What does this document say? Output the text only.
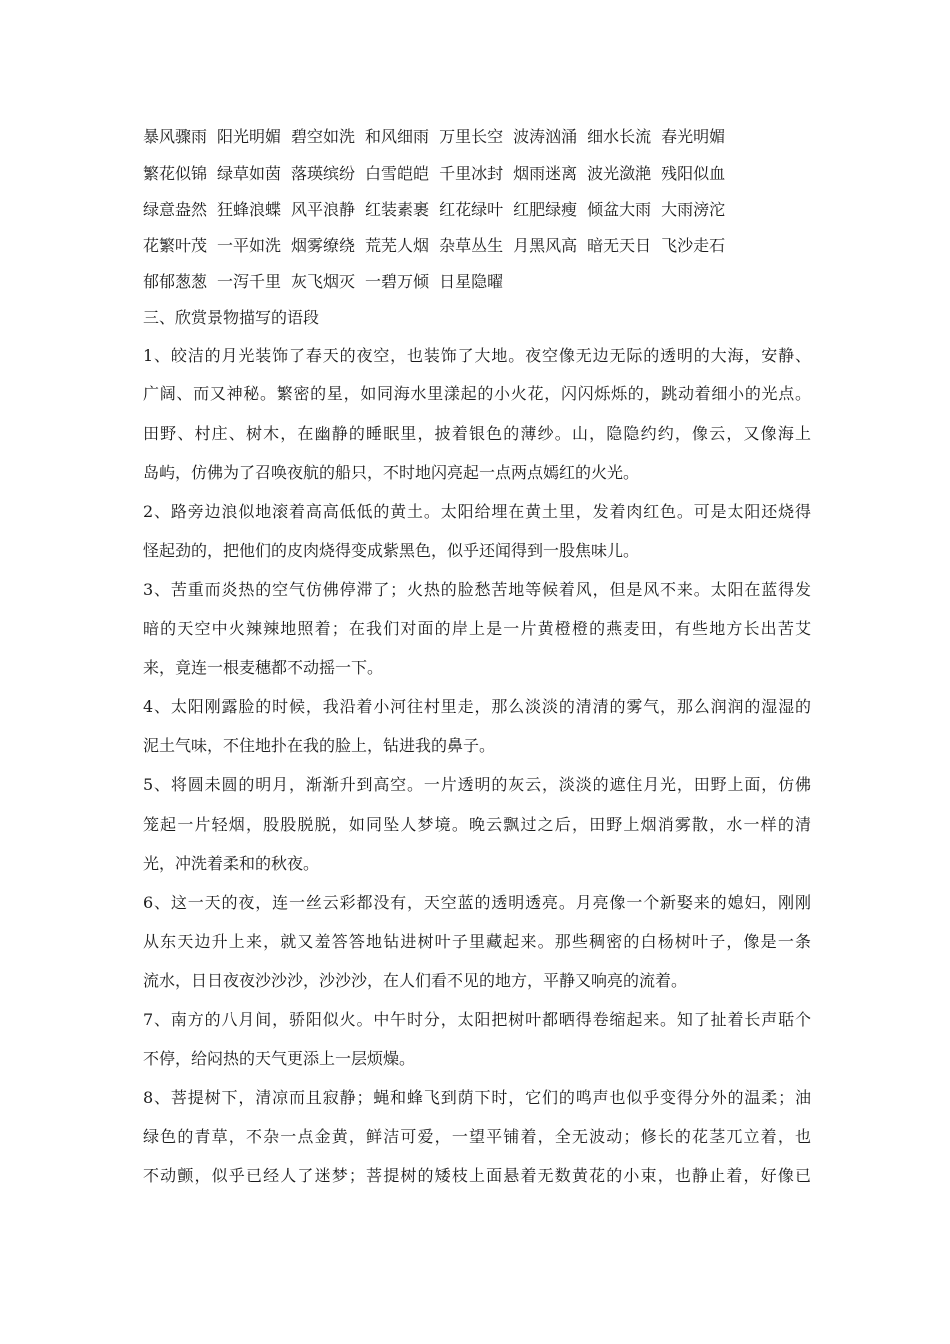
暴风骤雨 阳光明媚 碧空如洗 和风细雨 万里长空 波涛汹涌 细水长流 春光明媚
繁花似锦 绿草如茵 落瑛缤纷 白雪皑皑 千里冰封 烟雨迷离 波光潋滟 残阳似血
绿意盎然 狂蜂浪蝶 风平浪静 红装素裹 红花绿叶 红肥绿瘦 倾盆大雨 大雨滂沱
花繁叶茂 一平如洗 烟雾缭绕 荒芜人烟 杂草丛生 月黑风高 暗无天日 飞沙走石
郁郁葱葱 一泻千里 灰飞烟灭 一碧万倾 日星隐曜
三、欣赏景物描写的语段
1、皎洁的月光装饰了春天的夜空，也装饰了大地。夜空像无边无际的透明的大海，安静、
广阔、而又神秘。繁密的星，如同海水里漾起的小火花，闪闪烁烁的，跳动着细小的光点。
田野、村庄、树木，在幽静的睡眠里，披着银色的薄纱。山，隐隐约约，像云，又像海上
岛屿，仿佛为了召唤夜航的船只，不时地闪亮起一点两点嫣红的火光。
2、路旁边浪似地滚着高高低低的黄土。太阳给埋在黄土里，发着肉红色。可是太阳还烧得
怪起劲的，把他们的皮肉烧得变成紫黑色，似乎还闻得到一股焦味儿。
3、苦重而炎热的空气仿佛停滞了；火热的脸愁苦地等候着风，但是风不来。太阳在蓝得发
暗的天空中火辣辣地照着；在我们对面的岸上是一片黄橙橙的燕麦田，有些地方长出苦艾
来，竟连一根麦穗都不动摇一下。
4、太阳刚露脸的时候，我沿着小河往村里走，那么淡淡的清清的雾气，那么润润的湿湿的
泥土气味，不住地扑在我的脸上，钻进我的鼻子。
5、将圆未圆的明月，渐渐升到高空。一片透明的灰云，淡淡的遮住月光，田野上面，仿佛
笼起一片轻烟，股股脱脱，如同坠人梦境。晚云飘过之后，田野上烟消雾散，水一样的清
光，冲洗着柔和的秋夜。
6、这一天的夜，连一丝云彩都没有，天空蓝的透明透亮。月亮像一个新娶来的媳妇，刚刚
从东天边升上来，就又羞答答地钻进树叶子里藏起来。那些稠密的白杨树叶子，像是一条
流水，日日夜夜沙沙沙，沙沙沙，在人们看不见的地方，平静又响亮的流着。
7、南方的八月间，骄阳似火。中午时分，太阳把树叶都晒得卷缩起来。知了扯着长声聒个
不停，给闷热的天气更添上一层烦燥。
8、菩提树下，清凉而且寂静；蝇和蜂飞到荫下时，它们的鸣声也似乎变得分外的温柔；油
绿色的青草，不杂一点金黄，鲜洁可爱，一望平铺着，全无波动；修长的花茎兀立着，也
不动颤，似乎已经人了迷梦；菩提树的矮枝上面悬着无数黄花的小束，也静止着，好像已
